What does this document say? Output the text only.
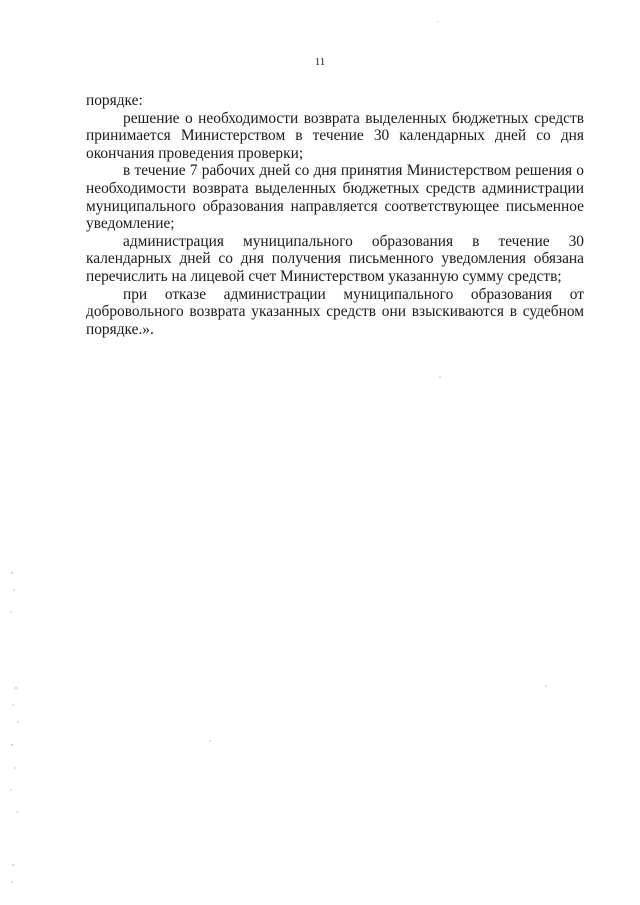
11

порядке:

решение о необходимости возврата выделенных бюджетных средств принимается Министерством в течение 30 календарных дней со дня окончания проведения проверки;

в течение 7 рабочих дней со дня принятия Министерством решения о необходимости возврата выделенных бюджетных средств администрации муниципального образования направляется соответствующее письменное уведомление;

администрация муниципального образования в течение 30 календарных дней со дня получения письменного уведомления обязана перечислить на лицевой счет Министерством указанную сумму средств;

при отказе администрации муниципального образования от добровольного возврата указанных средств они взыскиваются в судебном порядке.».
